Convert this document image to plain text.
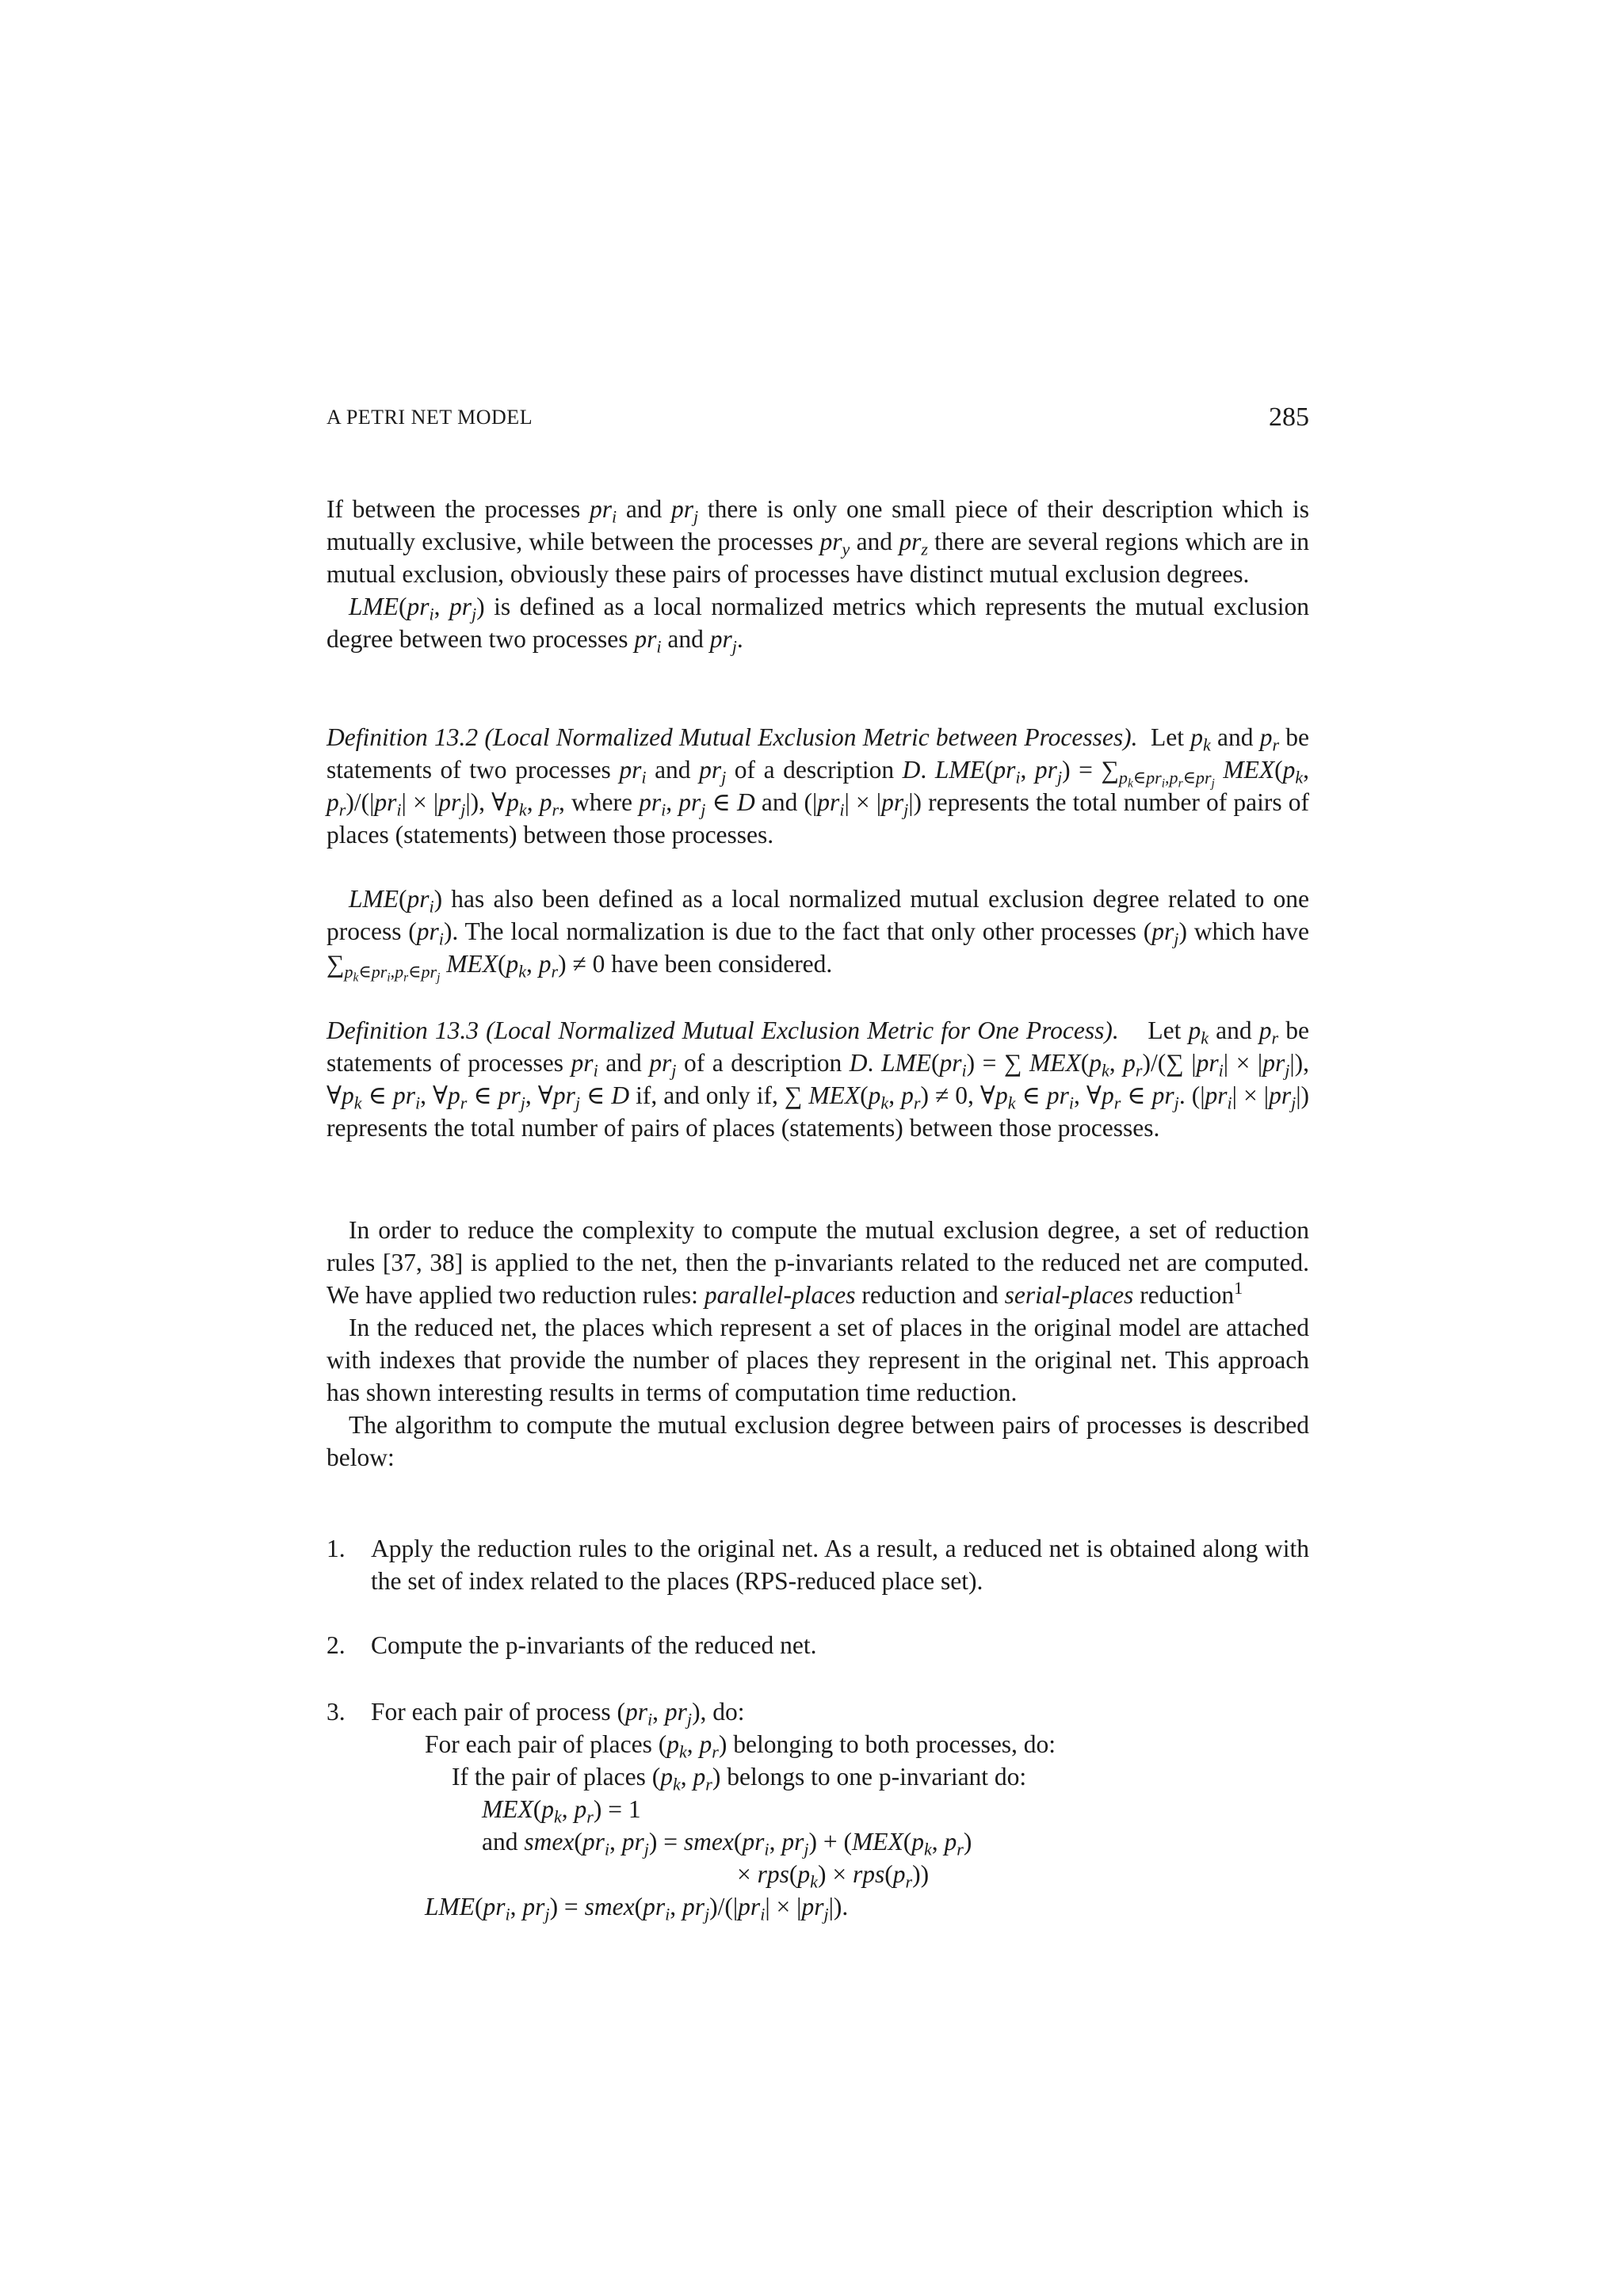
A PETRI NET MODEL	285

If between the processes $pr_i$ and $pr_j$ there is only one small piece of their description which is mutually exclusive, while between the processes $pr_y$ and $pr_z$ there are several regions which are in mutual exclusion, obviously these pairs of processes have distinct mutual exclusion degrees.

$LME(pr_i$, $pr_j$) is defined as a local normalized metrics which represents the mutual exclusion degree between two processes $pr_i$ and $pr_j$.

Definition 13.2 (Local Normalized Mutual Exclusion Metric between Processes).  Let $p_k$ and $p_r$ be statements of two processes $pr_i$ and $pr_j$ of a description D. $LME(pr_i$, $pr_j) = \sum_{p_k\in pr_i,p_r\in pr_j}$ $MEX(p_k$, $p_r)/(|pr_i| \times |pr_j|)$, $\forall p_k$, $p_r$, where $pr_i$, $pr_j$ ∈ D and $(|pr_i| \times |pr_j|)$ represents the total number of pairs of places (statements) between those processes.

$LME(pr_i)$ has also been defined as a local normalized mutual exclusion degree related to one process $(pr_i)$. The local normalization is due to the fact that only other processes $(pr_j)$ which have $\sum_{p_k\in pr_i,p_r\in pr_j}$ $MEX(p_k$, $p_r) \ne 0$ have been considered.

Definition 13.3 (Local Normalized Mutual Exclusion Metric for One Process).    Let $p_k$ and $p_r$ be statements of processes $pr_i$ and $pr_j$ of a description D. $LME(pr_i)$ = ∑ $MEX(p_k$, $p_r)/(\sum$ $|pr_i| \times |pr_j|$), $\forall p_k$ ∈ $pr_i$, $\forall p_r$ ∈ $pr_j$, $\forall pr_j$ ∈ D if, and only if, ∑ $MEX(p_k$, $p_r) \ne 0$, $\forall p_k$ ∈ $pr_i$, $\forall p_r$ ∈ $pr_j$. $(|pr_i| \times |pr_j|)$ represents the total number of pairs of places (statements) between those processes.

In order to reduce the complexity to compute the mutual exclusion degree, a set of reduction rules [37, 38] is applied to the net, then the p-invariants related to the reduced net are computed. We have applied two reduction rules: parallel-places reduction and serial-places reduction$^1$

In the reduced net, the places which represent a set of places in the original model are attached with indexes that provide the number of places they represent in the original net. This approach has shown interesting results in terms of computation time reduction.

The algorithm to compute the mutual exclusion degree between pairs of processes is described below:

1.	Apply the reduction rules to the original net. As a result, a reduced net is obtained along with the set of index related to the places (RPS-reduced place set).
2.	Compute the p-invariants of the reduced net.
3.	For each pair of process ($pr_i$, $pr_j$), do:
For each pair of places ($p_k$, $p_r$) belonging to both processes, do:
If the pair of places ($p_k$, $p_r$) belongs to one p-invariant do:
$MEX(p_k$, $p_r) = 1$
and $smex(pr_i$, $pr_j$) = $smex(pr_i$, $pr_j) + (MEX(p_k$, $p_r$)
× $rps(p_k) \times rps(p_r)$)
$LME(pr_i$, $pr_j$) = $smex(pr_i$, $pr_j)/(|pr_i| \times |pr_j|)$.
